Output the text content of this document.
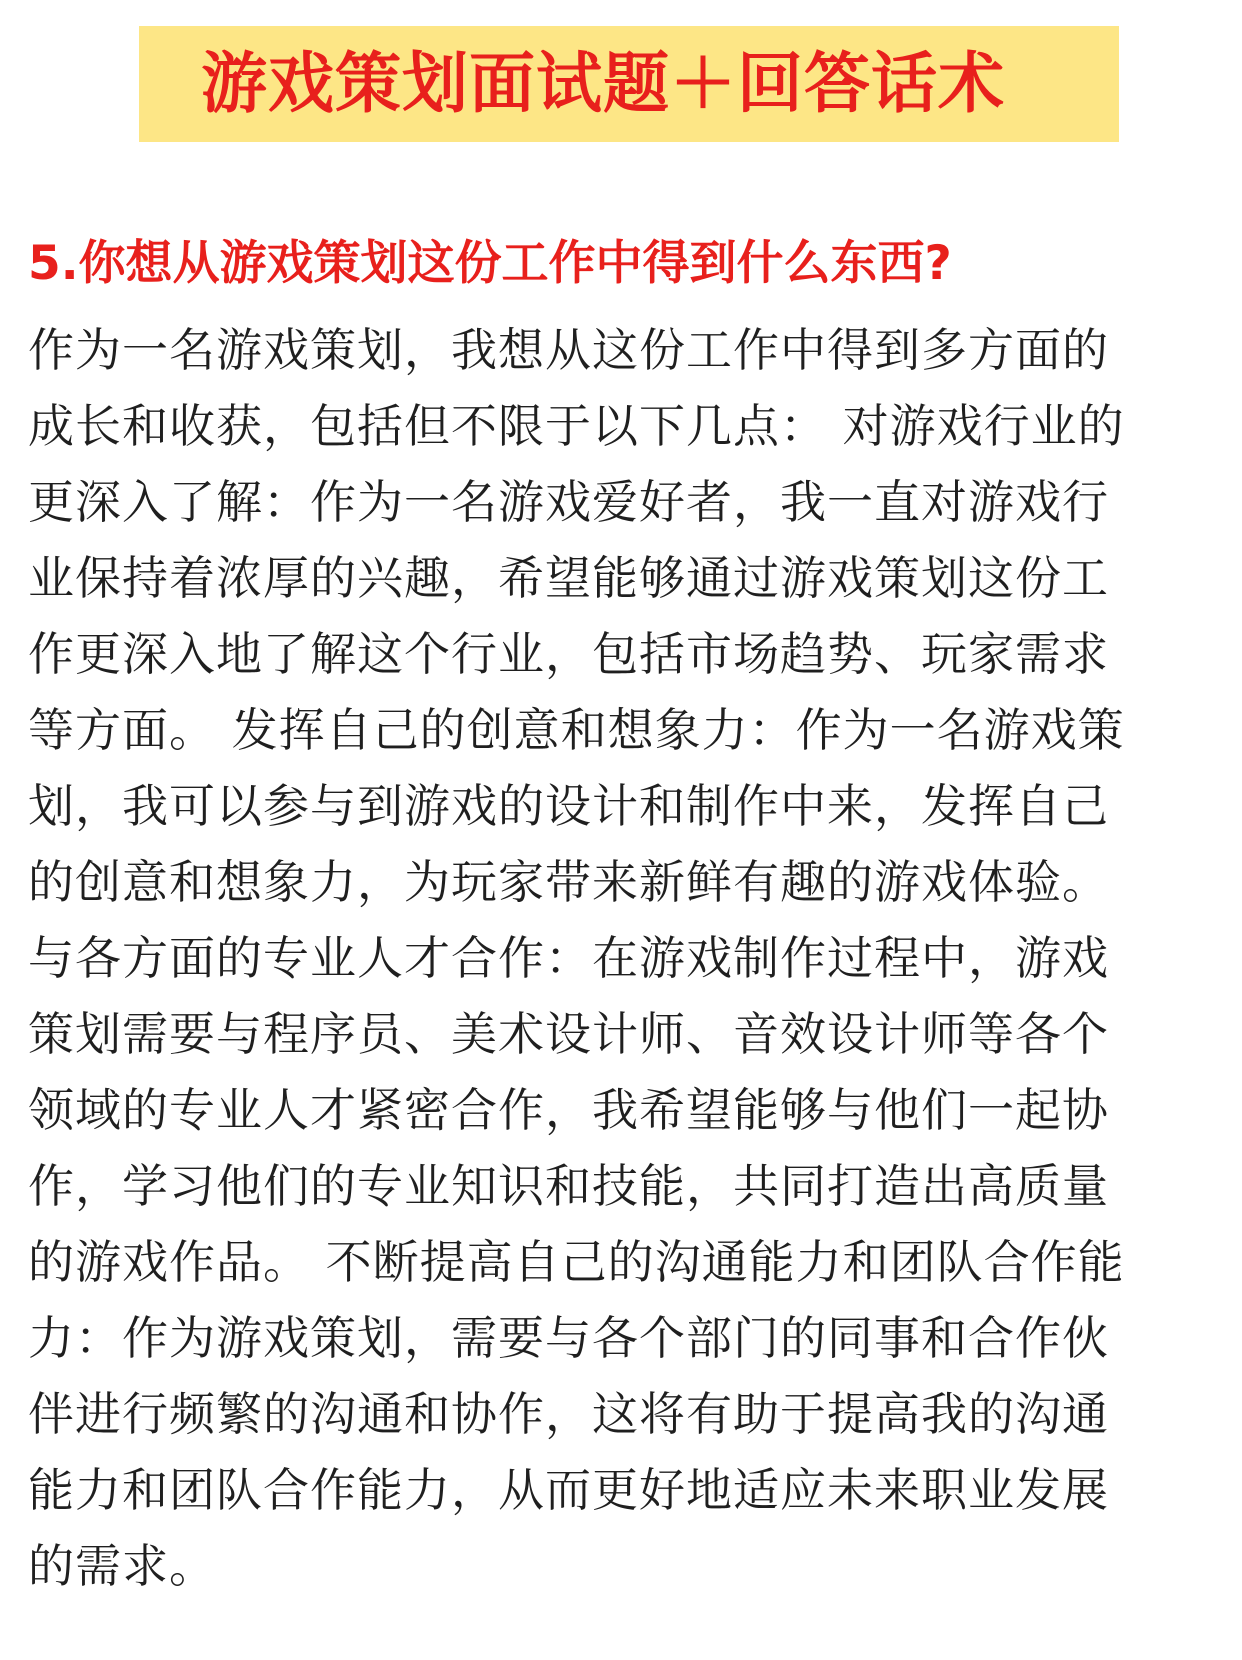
游戏策划面试题＋回答话术
5.你想从游戏策划这份工作中得到什么东西?
作为一名游戏策划，我想从这份工作中得到多方面的
成长和收获，包括但不限于以下几点： 对游戏行业的
更深入了解：作为一名游戏爱好者，我一直对游戏行
业保持着浓厚的兴趣，希望能够通过游戏策划这份工
作更深入地了解这个行业，包括市场趋势、玩家需求
等方面。 发挥自己的创意和想象力：作为一名游戏策
划，我可以参与到游戏的设计和制作中来，发挥自己
的创意和想象力，为玩家带来新鲜有趣的游戏体验。
与各方面的专业人才合作：在游戏制作过程中，游戏
策划需要与程序员、美术设计师、音效设计师等各个
领域的专业人才紧密合作，我希望能够与他们一起协
作，学习他们的专业知识和技能，共同打造出高质量
的游戏作品。 不断提高自己的沟通能力和团队合作能
力：作为游戏策划，需要与各个部门的同事和合作伙
伴进行频繁的沟通和协作，这将有助于提高我的沟通
能力和团队合作能力，从而更好地适应未来职业发展
的需求。
